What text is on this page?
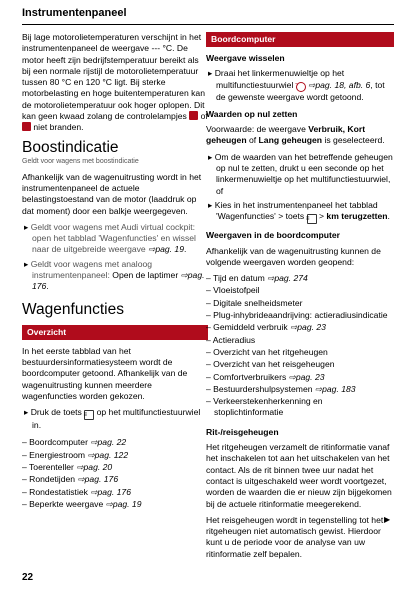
Instrumentenpaneel

Bij lage motorolietemperaturen verschijnt in het instrumentenpaneel de weergave --- °C. De motor heeft zijn bedrijfstemperatuur bereikt als bij een normale rijstijl de motorolietemperatuur tussen 80 °C en 120 °C ligt. Bij sterke motorbelasting en hoge buitentemperaturen kan de motorolietemperatuur ook hoger oplopen. Dit kan geen kwaad zolang de controlelampjes of  niet branden.

Boostindicatie
Geldt voor wagens met boostindicatie

Afhankelijk van de wagenuitrusting wordt in het instrumentenpaneel de actuele belastingstoestand van de motor (laaddruk op dat moment) door een balkje weergegeven.

▸ Geldt voor wagens met Audi virtual cockpit: open het tabblad 'Wagenfuncties' en wissel naar de uitgebreide weergave ⇨pag. 19.

▸ Geldt voor wagens met analoog instrumentenpaneel: Open de laptimer ⇨pag. 176.

Wagenfuncties
Overzicht

In het eerste tabblad van het bestuurdersinformatiesysteem wordt de boordcomputer getoond. Afhankelijk van de wagenuitrusting kunnen meerdere wagenfuncties worden gekozen.

▸ Druk de toets ≡ op het multifunctiestuurwiel in.

– Boordcomputer ⇨pag. 22
– Energiestroom ⇨pag. 122
– Toerenteller ⇨pag. 20
– Rondetijden ⇨pag. 176
– Rondestatistiek ⇨pag. 176
– Beperkte weergave ⇨pag. 19
Boordcomputer
Weergave wisselen

▸ Draai het linkermenuwieltje op het multifunctiestuurwiel 7 ⇨pag. 18, afb. 6, tot de gewenste weergave wordt getoond.

Waarden op nul zetten

Voorwaarde: de weergave Verbruik, Kort geheugen of Lang geheugen is geselecteerd.

▸ Om de waarden van het betreffende geheugen op nul te zetten, drukt u een seconde op het linkermenuwieltje op het multifunctiestuurwiel, of

▸ Kies in het instrumentenpaneel het tabblad 'Wagenfuncties' > toets ≡ > km terugzetten.

Weergaven in de boordcomputer

Afhankelijk van de wagenuitrusting kunnen de volgende weergaven worden geopend:

– Tijd en datum ⇨pag. 274
– Vloeistofpeil
– Digitale snelheidsmeter
– Plug-inhybrideaandrijving: actieradiusindicatie
– Gemiddeld verbruik ⇨pag. 23
– Actieradius
– Overzicht van het ritgeheugen
– Overzicht van het reisgeheugen
– Comfortverbruikers ⇨pag. 23
– Bestuurdershulpsystemen ⇨pag. 183
– Verkeerstekenherkenning en stoplichtinformatie
Rit-/reisgeheugen

Het ritgeheugen verzamelt de ritinformatie vanaf het inschakelen tot aan het uitschakelen van het contact. Als de rit binnen twee uur nadat het contact is uitgeschakeld weer wordt voortgezet, worden de waarden die er nieuw zijn bijgekomen bij de actuele ritinformatie meegerekend.

Het reisgeheugen wordt in tegenstelling tot het ritgeheugen niet automatisch gewist. Hierdoor kunt u de periode voor de analyse van uw ritinformatie zelf bepalen.

▶
22
